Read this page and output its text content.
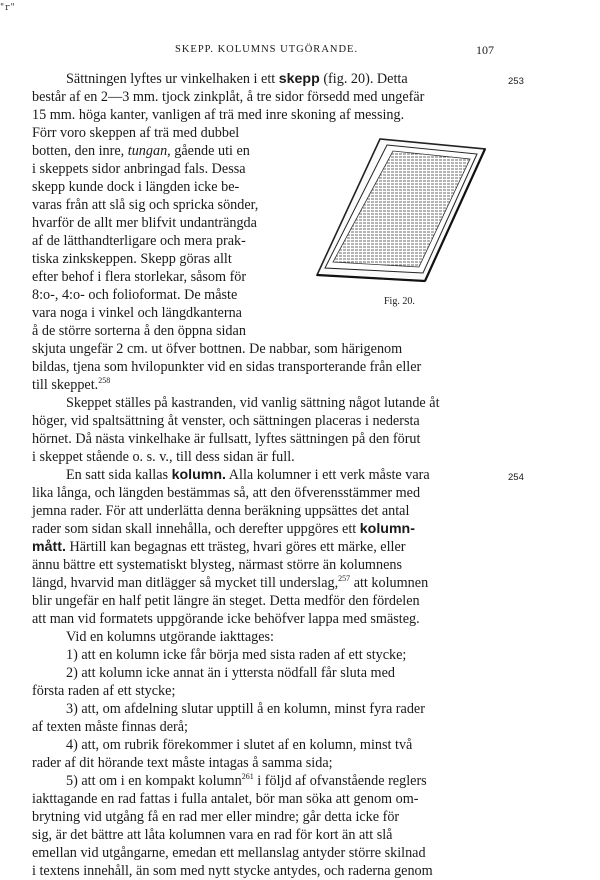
"r"
SKEPP. KOLUMNS UTGÖRANDE.	107
Fig. 20.
Sättningen lyftes ur vinkelhaken i ett skepp (fig. 20). Detta	253
består af en 2—3 mm. tjock zinkplåt, å tre sidor försedd med ungefär
15 mm. höga kanter, vanligen af trä med inre skoning af messing.
Förr voro skeppen af trä med dubbel
botten, den inre, tungan, gående uti en
i skeppets sidor anbringad fals. Dessa
skepp kunde dock i längden icke be-
varas från att slå sig och spricka sönder,
hvarför de allt mer blifvit undanträngda
af de lätthandterligare och mera prak-
tiska zinkskeppen. Skepp göras allt
efter behof i flera storlekar, såsom för
8:o-, 4:o- och folioformat. De måste
vara noga i vinkel och längdkanterna
å de större sorterna å den öppna sidan
skjuta ungefär 2 cm. ut öfver bottnen. De nabbar, som härigenom
bildas, tjena som hvilopunkter vid en sidas transporterande från eller
till skeppet.$^{258}$
Skeppet ställes på kastranden, vid vanlig sättning något lutande åt
höger, vid spaltsättning åt venster, och sättningen placeras i nedersta
hörnet. Då nästa vinkelhake är fullsatt, lyftes sättningen på den förut
i skeppet stående o. s. v., till dess sidan är full.
En satt sida kallas kolumn. Alla kolumner i ett verk måste vara	254
lika långa, och längden bestämmas så, att den öfverensstämmer med
jemna rader. För att underlätta denna beräkning uppsättes det antal
rader som sidan skall innehålla, och derefter uppgöres ett kolumn-
mått. Härtill kan begagnas ett trästeg, hvari göres ett märke, eller
ännu bättre ett systematiskt blysteg, närmast större än kolumnens
längd, hvarvid man ditlägger så mycket till underslag,$^{257}$ att kolumnen
blir ungefär en half petit längre än steget. Detta medför den fördelen
att man vid formatets uppgörande icke behöfver lappa med smästeg.
Vid en kolumns utgörande iakttages:
1) att en kolumn icke får börja med sista raden af ett stycke;
2) att kolumn icke annat än i yttersta nödfall får sluta med
första raden af ett stycke;
3) att, om afdelning slutar upptill å en kolumn, minst fyra rader
af texten måste finnas derå;
4) att, om rubrik förekommer i slutet af en kolumn, minst två
rader af dit hörande text måste intagas å samma sida;
5) att om i en kompakt kolumn$^{261}$ i följd af ofvanstående reglers
iakttagande en rad fattas i fulla antalet, bör man söka att genom om-
brytning vid utgång få en rad mer eller mindre; går detta icke för
sig, är det bättre att låta kolumnen vara en rad för kort än att slå
emellan vid utgångarne, emedan ett mellanslag antyder större skilnad
i textens innehåll, än som med nytt stycke antydes, och raderna genom
